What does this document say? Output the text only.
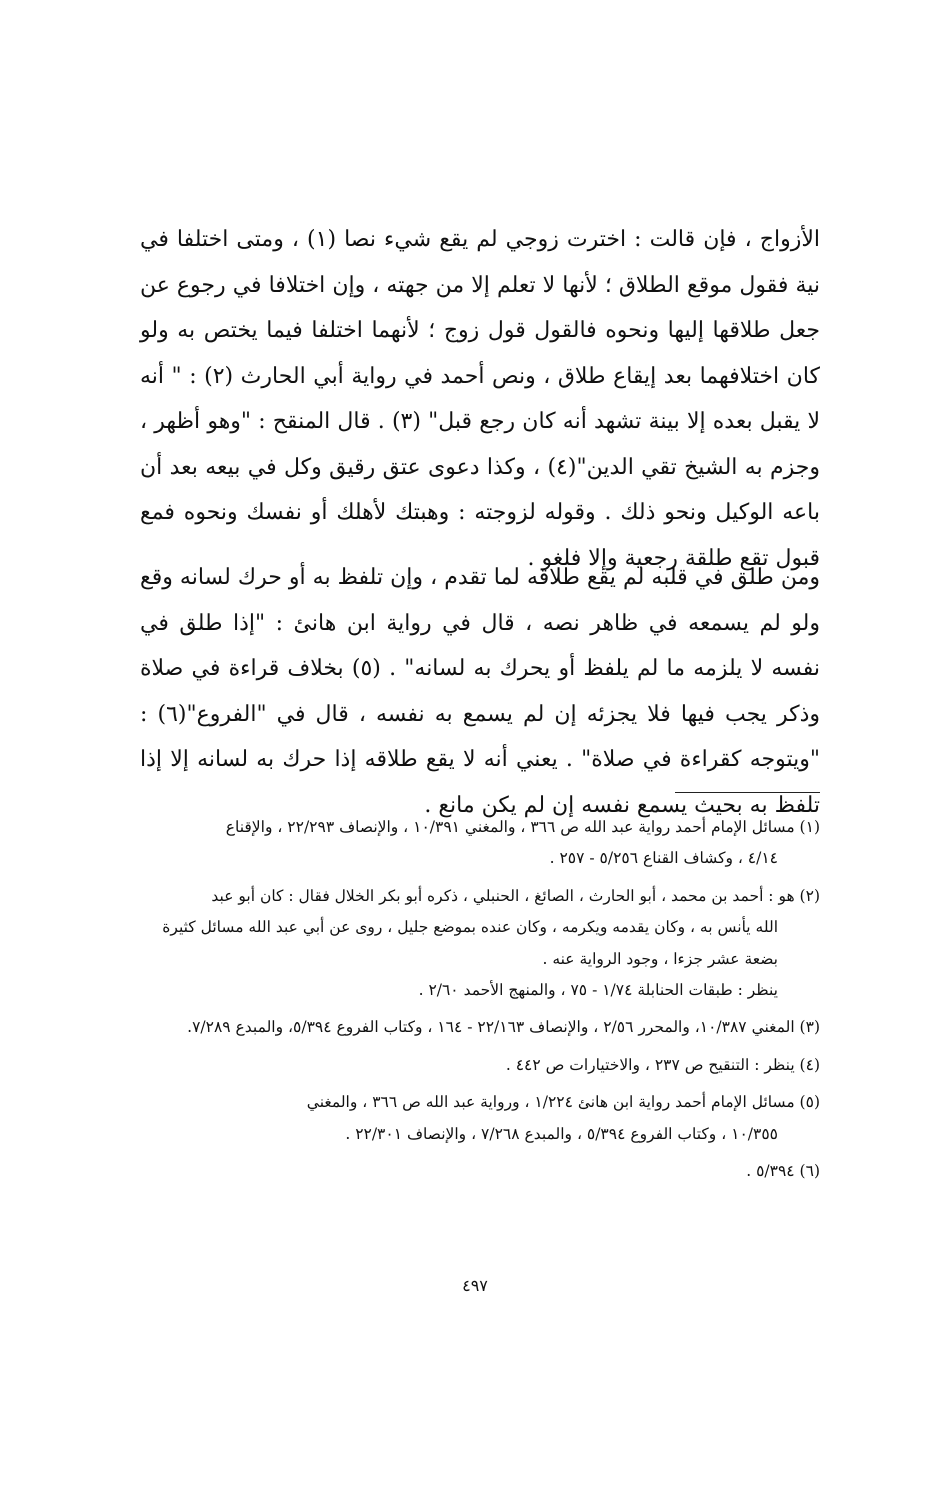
الأزواج ، فإن قالت : اخترت زوجي لم يقع شيء نصا (١) ، ومتى اختلفا في نية فقول موقع الطلاق ؛ لأنها لا تعلم إلا من جهته ، وإن اختلافا في رجوع عن جعل طلاقها إليها ونحوه فالقول قول زوج ؛ لأنهما اختلفا فيما يختص به ولو كان اختلافهما بعد إيقاع طلاق ، ونص أحمد في رواية أبي الحارث (٢) : " أنه لا يقبل بعده إلا بينة تشهد أنه كان رجع قبل" (٣) . قال المنقح : "وهو أظهر ، وجزم به الشيخ تقي الدين"(٤) ، وكذا دعوى عتق رقيق وكل في بيعه بعد أن باعه الوكيل ونحو ذلك . وقوله لزوجته : وهبتك لأهلك أو نفسك ونحوه فمع قبول تقع طلقة رجعية وإلا فلغو .

ومن طلق في قلبه لم يقع طلاقه لما تقدم ، وإن تلفظ به أو حرك لسانه وقع ولو لم يسمعه في ظاهر نصه ، قال في رواية ابن هانئ : "إذا طلق في نفسه لا يلزمه ما لم يلفظ أو يحرك به لسانه" . (٥) بخلاف قراءة في صلاة وذكر يجب فيها فلا يجزئه إن لم يسمع به نفسه ، قال في "الفروع"(٦) : "ويتوجه كقراءة في صلاة" . يعني أنه لا يقع طلاقه إذا حرك به لسانه إلا إذا تلفظ به بحيث يسمع نفسه إن لم يكن مانع .

(١) مسائل الإمام أحمد رواية عبد الله ص ٣٦٦ ، والمغني ١٠/٣٩١ ، والإنصاف ٢٢/٢٩٣ ، والإقناع
٤/١٤ ، وكشاف القناع ٥/٢٥٦ - ٢٥٧ .
(٢) هو : أحمد بن محمد ، أبو الحارث ، الصائغ ، الحنبلي ، ذكره أبو بكر الخلال فقال : كان أبو عبد
الله يأنس به ، وكان يقدمه ويكرمه ، وكان عنده بموضع جليل ، روى عن أبي عبد الله مسائل كثيرة
بضعة عشر جزءا ، وجود الرواية عنه .
ينظر : طبقات الحنابلة ١/٧٤ - ٧٥ ، والمنهج الأحمد ٢/٦٠ .
(٣) المغني ١٠/٣٨٧، والمحرر ٢/٥٦ ، والإنصاف ٢٢/١٦٣ - ١٦٤ ، وكتاب الفروع ٥/٣٩٤، والمبدع ٧/٢٨٩.
(٤) ينظر : التنقيح ص ٢٣٧ ، والاختيارات ص ٤٤٢ .
(٥) مسائل الإمام أحمد رواية ابن هانئ ١/٢٢٤ ، ورواية عبد الله ص ٣٦٦ ، والمغني
١٠/٣٥٥ ، وكتاب الفروع ٥/٣٩٤ ، والمبدع ٧/٢٦٨ ، والإنصاف ٢٢/٣٠١ .
(٦) ٥/٣٩٤ .
٤٩٧
